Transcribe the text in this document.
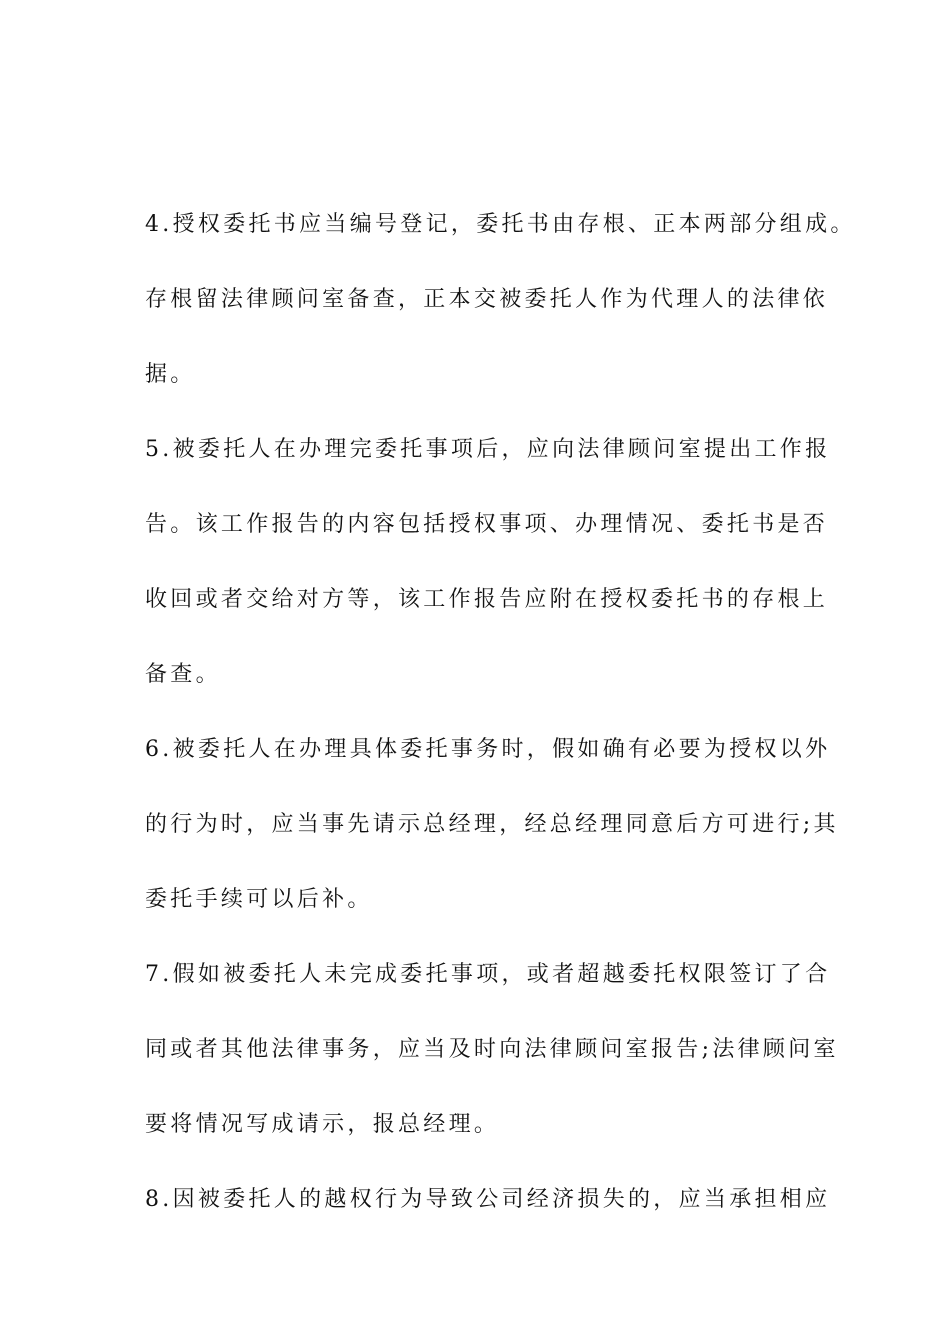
4.授权委托书应当编号登记，委托书由存根、正本两部分组成。
存根留法律顾问室备查，正本交被委托人作为代理人的法律依
据。
5.被委托人在办理完委托事项后，应向法律顾问室提出工作报
告。该工作报告的内容包括授权事项、办理情况、委托书是否
收回或者交给对方等，该工作报告应附在授权委托书的存根上
备查。
6.被委托人在办理具体委托事务时，假如确有必要为授权以外
的行为时，应当事先请示总经理，经总经理同意后方可进行;其
委托手续可以后补。
7.假如被委托人未完成委托事项，或者超越委托权限签订了合
同或者其他法律事务，应当及时向法律顾问室报告;法律顾问室
要将情况写成请示，报总经理。
8.因被委托人的越权行为导致公司经济损失的，应当承担相应
